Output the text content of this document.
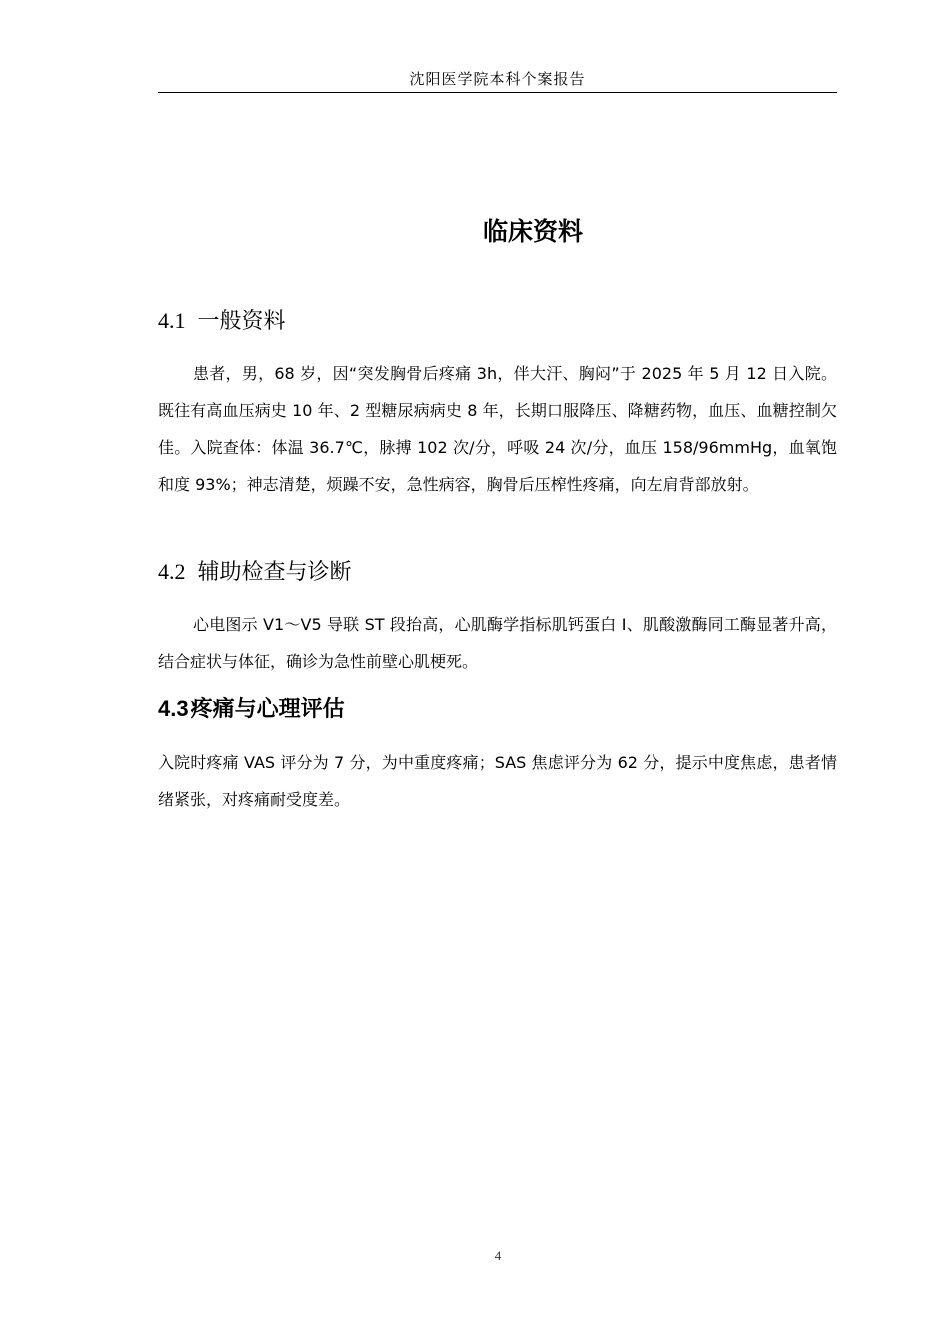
沈阳医学院本科个案报告
临床资料
4.1 一般资料
患者，男，68 岁，因“突发胸骨后疼痛 3h，伴大汗、胸闷”于 2025 年 5 月 12 日入院。既往有高血压病史 10 年、2 型糖尿病病史 8 年，长期口服降压、降糖药物，血压、血糖控制欠佳。入院查体：体温 36.7℃，脉搏 102 次/分，呼吸 24 次/分，血压 158/96mmHg，血氧饱和度 93%；神志清楚，烦躁不安，急性病容，胸骨后压榨性疼痛，向左肩背部放射。
4.2 辅助检查与诊断
心电图示 V1～V5 导联 ST 段抬高，心肌酶学指标肌钙蛋白 I、肌酸激酶同工酶显著升高，结合症状与体征，确诊为急性前壁心肌梗死。
4.3疼痛与心理评估
入院时疼痛 VAS 评分为 7 分，为中重度疼痛；SAS 焦虑评分为 62 分，提示中度焦虑，患者情绪紧张，对疼痛耐受度差。
4
